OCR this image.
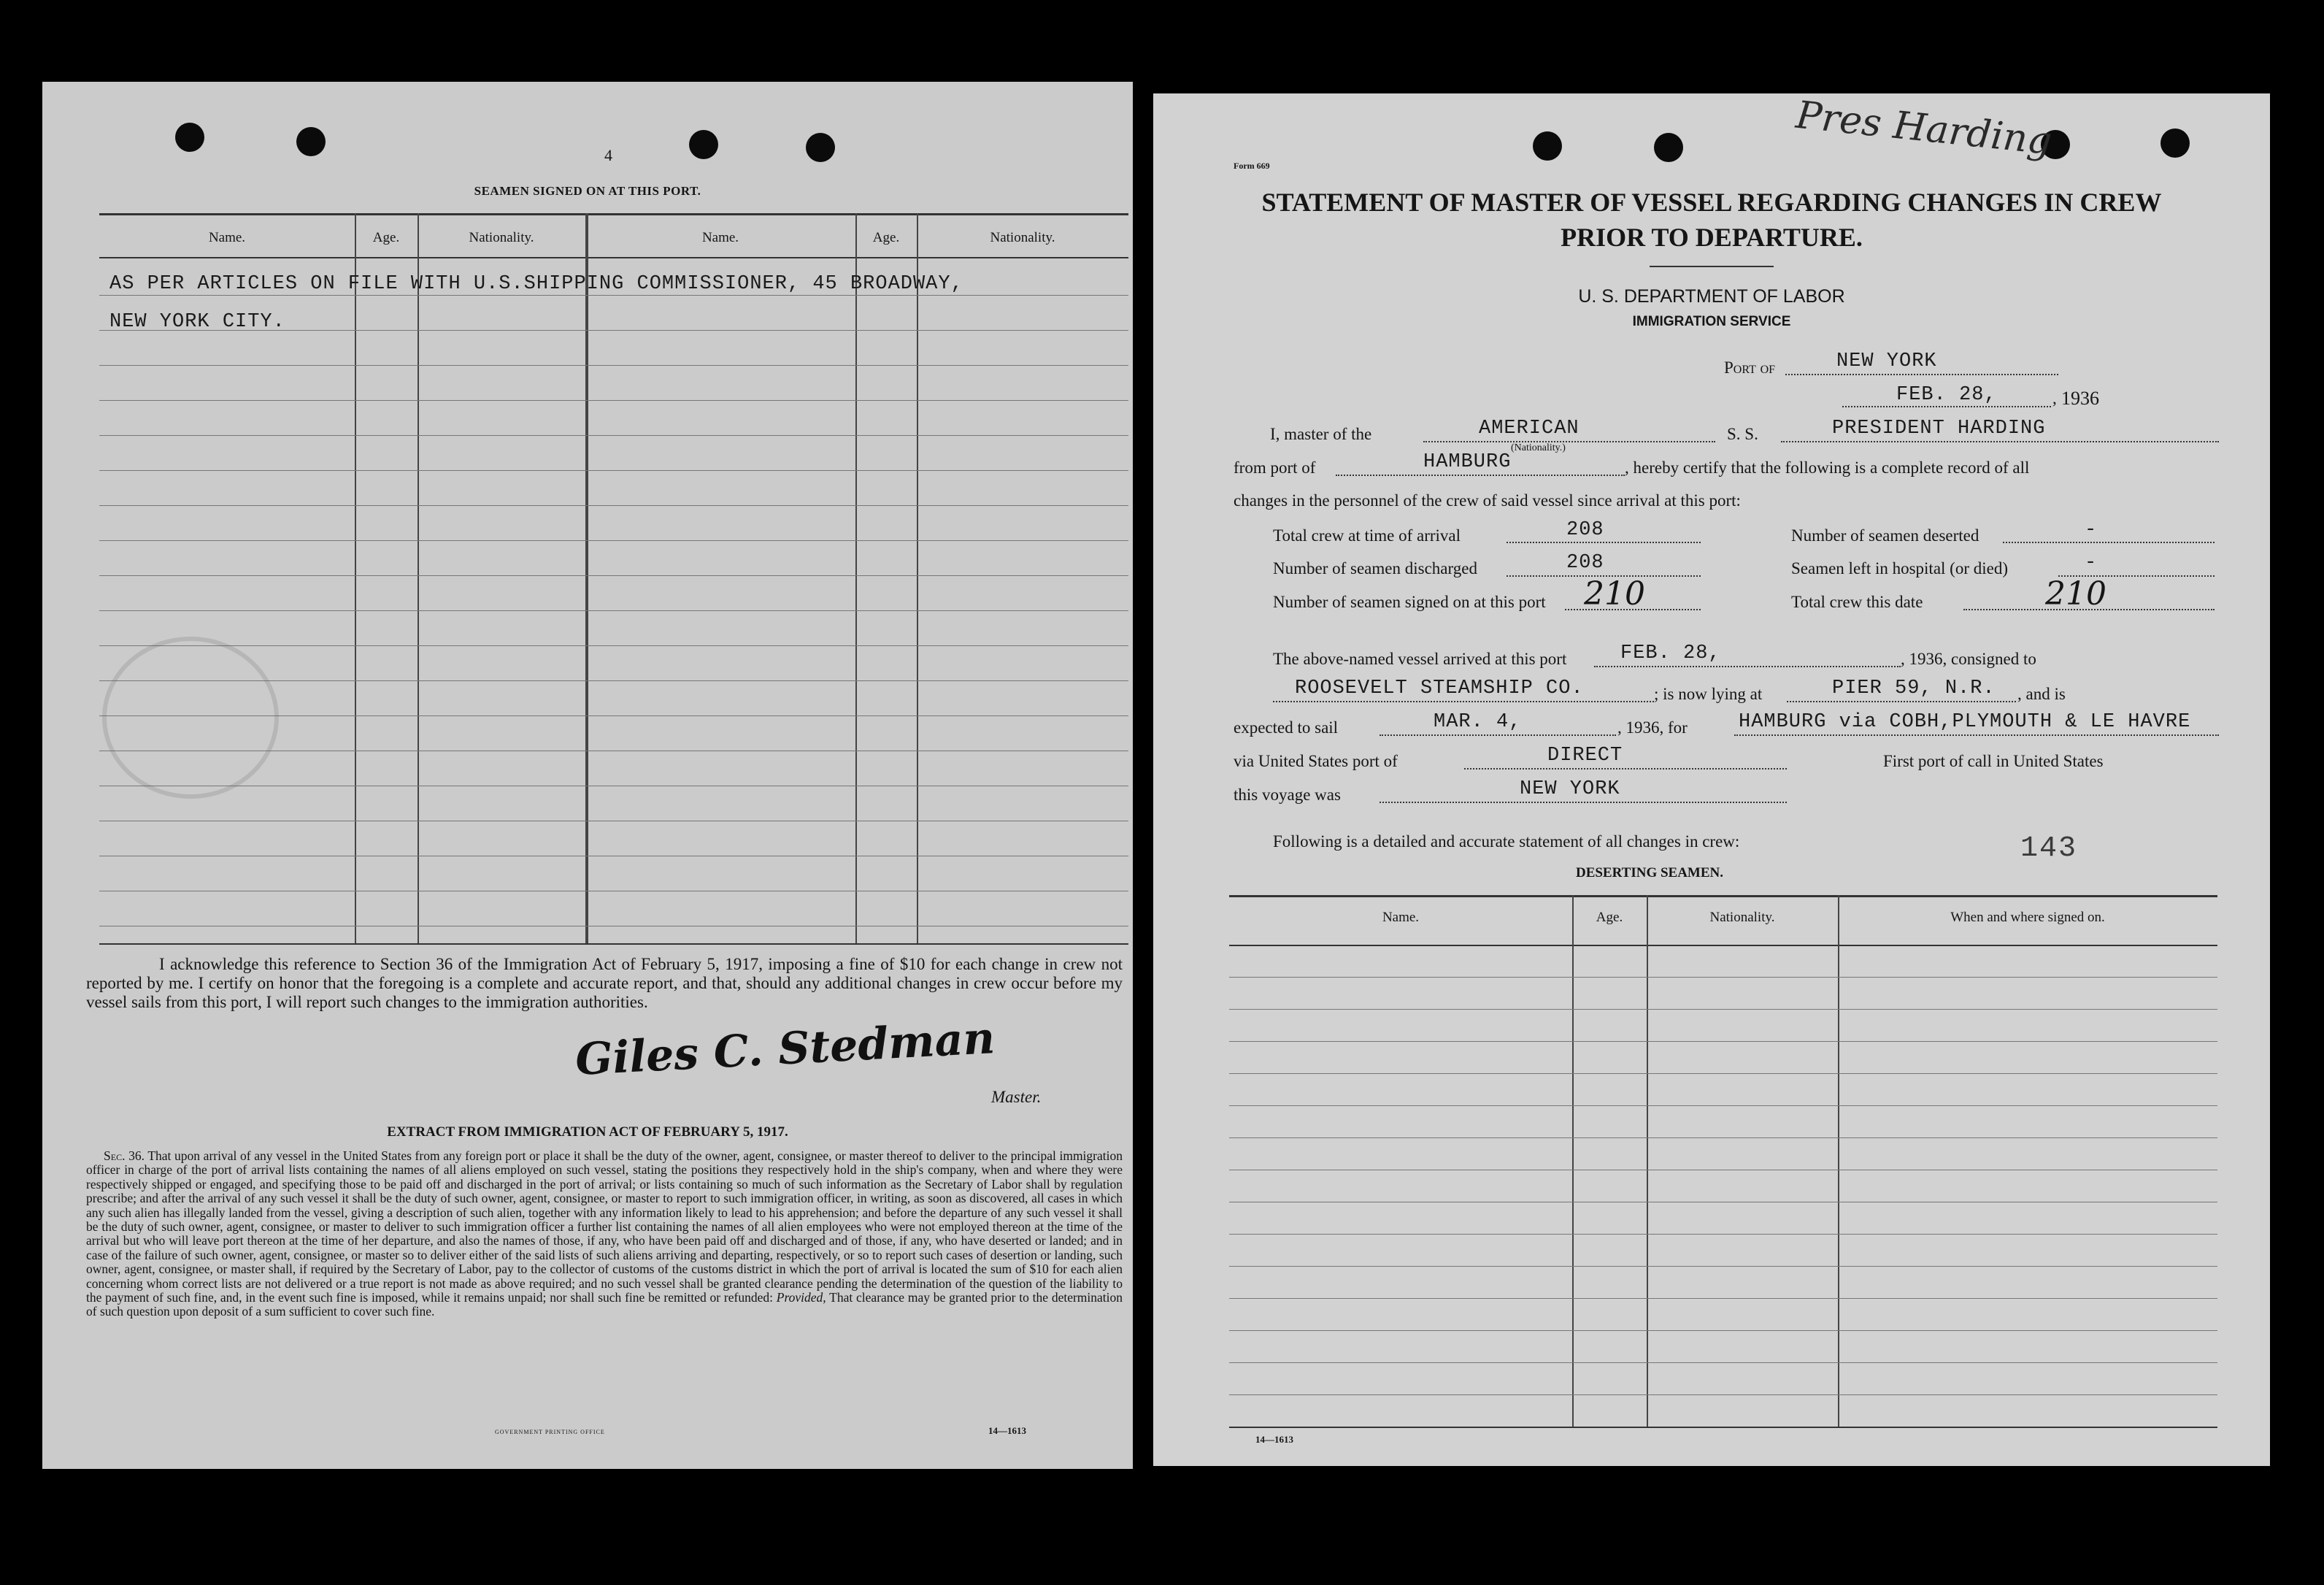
4
SEAMEN SIGNED ON AT THIS PORT.
Name.	Age.	Nationality.	Name.	Age.	Nationality.
AS PER ARTICLES ON FILE WITH U.S.SHIPPING COMMISSIONER, 45 BROADWAY,
NEW YORK CITY.
I acknowledge this reference to Section 36 of the Immigration Act of February 5, 1917, imposing a fine of $10 for each change in crew not reported by me. I certify on honor that the foregoing is a complete and accurate report, and that, should any additional changes in crew occur before my vessel sails from this port, I will report such changes to the immigration authorities.
Giles C. Stedman
Master.
EXTRACT FROM IMMIGRATION ACT OF FEBRUARY 5, 1917.
Sec. 36. That upon arrival of any vessel in the United States from any foreign port or place it shall be the duty of the owner, agent, consignee, or master thereof to deliver to the principal immigration officer in charge of the port of arrival lists containing the names of all aliens employed on such vessel, stating the positions they respectively hold in the ship's company, when and where they were respectively shipped or engaged, and specifying those to be paid off and discharged in the port of arrival; or lists containing so much of such information as the Secretary of Labor shall by regulation prescribe; and after the arrival of any such vessel it shall be the duty of such owner, agent, consignee, or master to report to such immigration officer, in writing, as soon as discovered, all cases in which any such alien has illegally landed from the vessel, giving a description of such alien, together with any information likely to lead to his apprehension; and before the departure of any such vessel it shall be the duty of such owner, agent, consignee, or master to deliver to such immigration officer a further list containing the names of all alien employees who were not employed thereon at the time of the arrival but who will leave port thereon at the time of her departure, and also the names of those, if any, who have been paid off and discharged and of those, if any, who have deserted or landed; and in case of the failure of such owner, agent, consignee, or master so to deliver either of the said lists of such aliens arriving and departing, respectively, or so to report such cases of desertion or landing, such owner, agent, consignee, or master shall, if required by the Secretary of Labor, pay to the collector of customs of the customs district in which the port of arrival is located the sum of $10 for each alien concerning whom correct lists are not delivered or a true report is not made as above required; and no such vessel shall be granted clearance pending the determination of the question of the liability to the payment of such fine, and, in the event such fine is imposed, while it remains unpaid; nor shall such fine be remitted or refunded: Provided, That clearance may be granted prior to the determination of such question upon deposit of a sum sufficient to cover such fine.
GOVERNMENT PRINTING OFFICE	14—1613
Pres Harding
Form 669
STATEMENT OF MASTER OF VESSEL REGARDING CHANGES IN CREW
PRIOR TO DEPARTURE.
U. S. DEPARTMENT OF LABOR
IMMIGRATION SERVICE
Port of	NEW YORK
FEB. 28,	, 1936
I, master of the	AMERICAN
(Nationality.)
S. S.	PRESIDENT HARDING
from port of	HAMBURG	, hereby certify that the following is a complete record of all
changes in the personnel of the crew of said vessel since arrival at this port:
Total crew at time of arrival	208	Number of seamen deserted	-
Number of seamen discharged	208	Seamen left in hospital (or died)	-
Number of seamen signed on at this port 210	Total crew this date	210
The above-named vessel arrived at this port	FEB. 28,	, 1936, consigned to
ROOSEVELT STEAMSHIP CO.	; is now lying at	PIER 59, N.R. , and is
expected to sail	MAR. 4,	, 1936, for	HAMBURG via COBH,PLYMOUTH & LE HAVRE
via United States port of	DIRECT	First port of call in United States
this voyage was	NEW YORK
Following is a detailed and accurate statement of all changes in crew:	143
DESERTING SEAMEN.
Name.	Age.	Nationality.	When and where signed on.
14—1613
